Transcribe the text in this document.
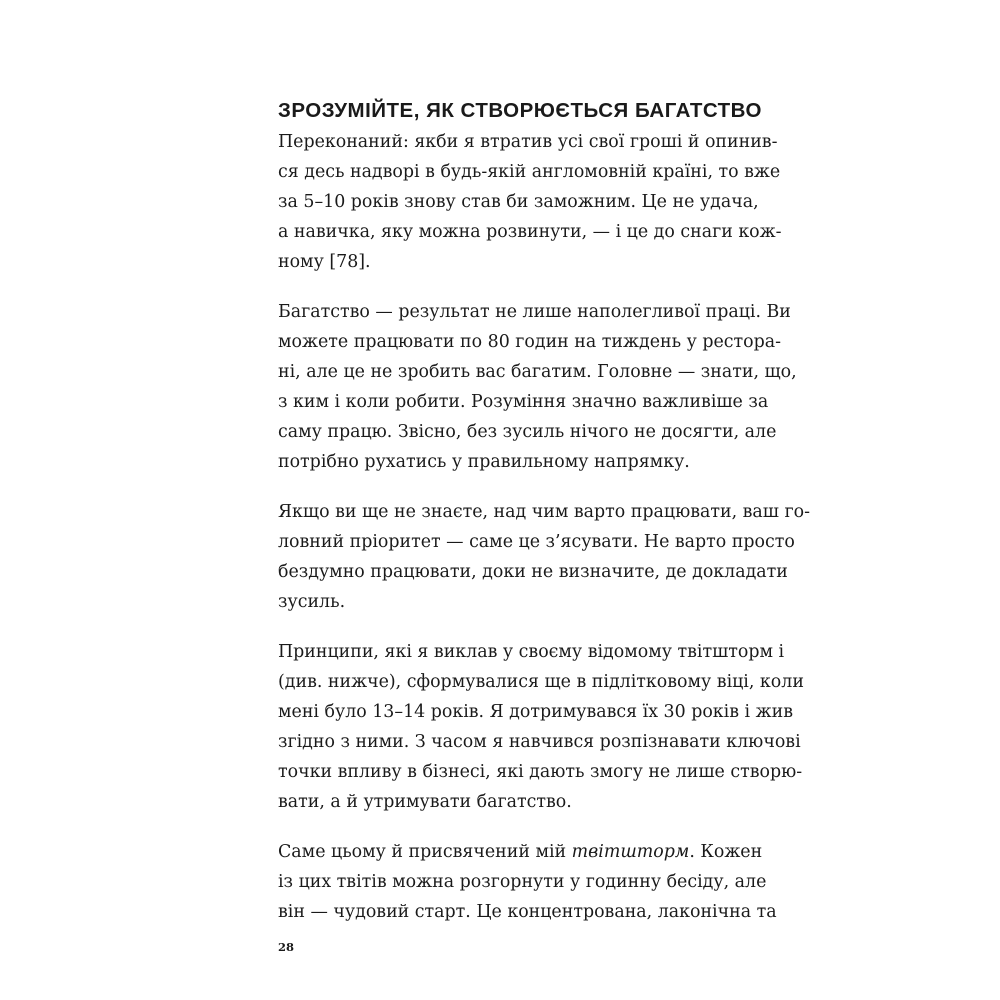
ЗРОЗУМІЙТЕ, ЯК СТВОРЮЄТЬСЯ БАГАТСТВО
Переконаний: якби я втратив усі свої гроші й опинив-
ся десь надворі в будь-якій англомовній країні, то вже
за 5–10 років знову став би заможним. Це не удача,
а навичка, яку можна розвинути, — і це до снаги кож-
ному [78].
Багатство — результат не лише наполегливої праці. Ви
можете працювати по 80 годин на тиждень у ресторa-
ні, але це не зробить вас багатим. Головне — знати, що,
з ким і коли робити. Розуміння значно важливіше за
саму працю. Звісно, без зусиль нічого не досягти, але
потрібно рухатись у правильному напрямку.
Якщо ви ще не знаєте, над чим варто працювати, ваш го-
ловний пріоритет — саме це з’ясувати. Не варто просто
бездумно працювати, доки не визначите, де докладати
зусиль.
Принципи, які я виклав у своєму відомому твітшторм і
(див. нижче), сформувалися ще в підлітковому віці, коли
мені було 13–14 років. Я дотримувався їх 30 років і жив
згідно з ними. З часом я навчився розпізнавати ключові
точки впливу в бізнесі, які дають змогу не лише створю-
вати, а й утримувати багатство.
Саме цьому й присвячений мій твітшторм. Кожен
із цих твітів можна розгорнути у годинну бесіду, але
він — чудовий старт. Це концентрована, лаконічна та
28
